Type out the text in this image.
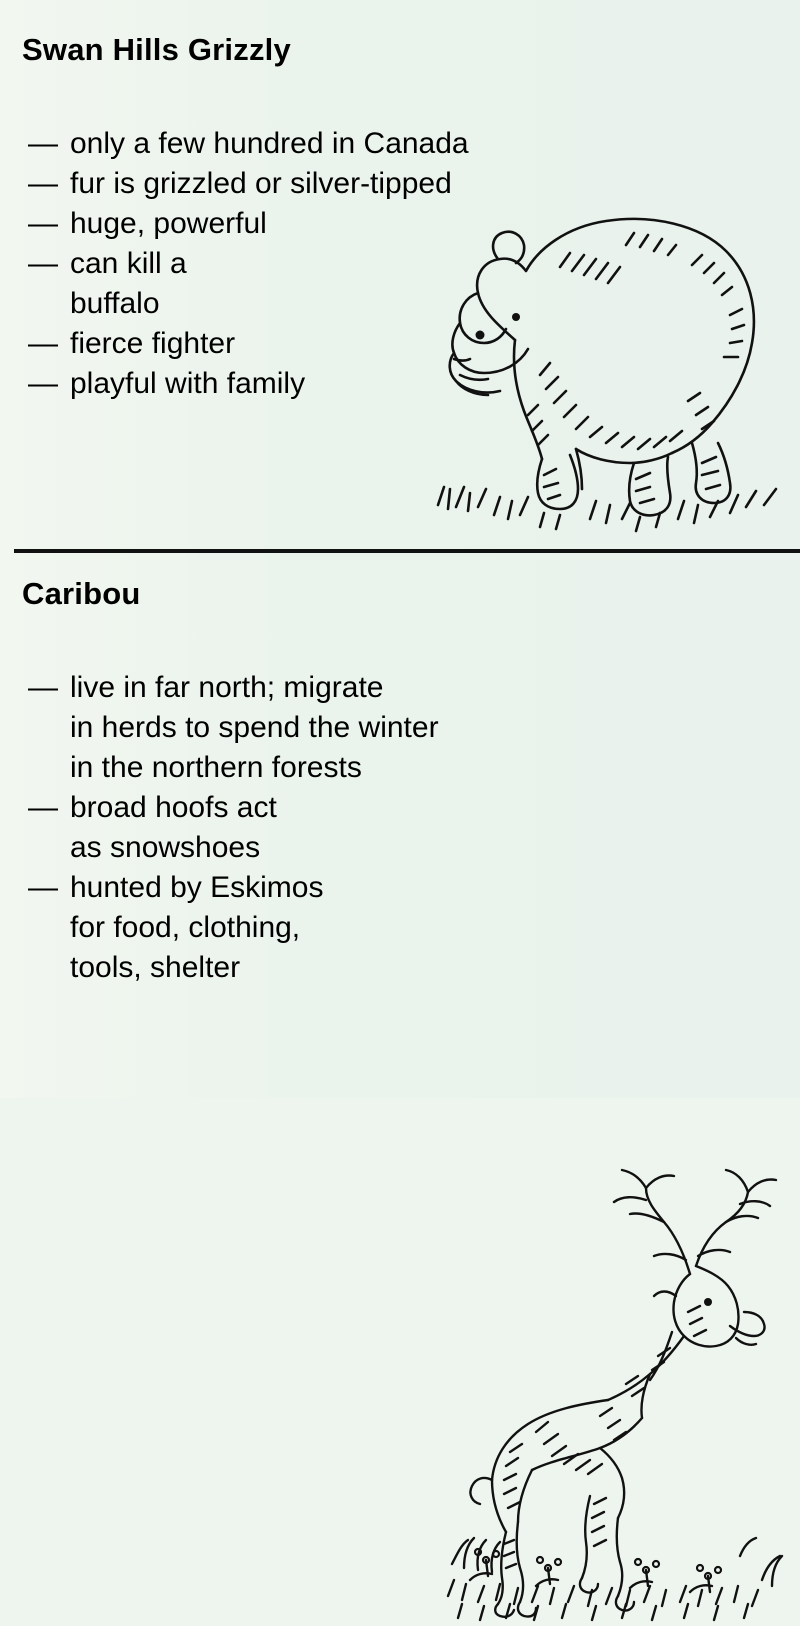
Swan Hills Grizzly
— only a few hundred in Canada
— fur is grizzled or silver-tipped
— huge, powerful
— can kill a
buffalo
— fierce fighter
— playful with family
Caribou
— live in far north; migrate
in herds to spend the winter
in the northern forests
— broad hoofs act
as snowshoes
— hunted by Eskimos
for food, clothing,
tools, shelter
